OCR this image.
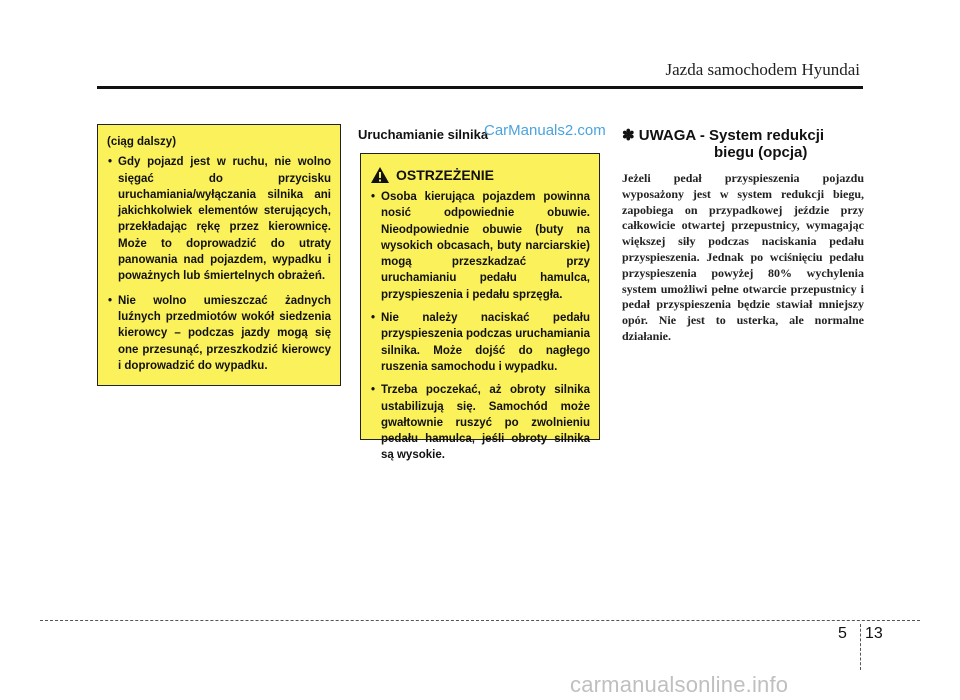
Jazda samochodem Hyundai

(ciąg dalszy)

• Gdy pojazd jest w ruchu, nie wolno sięgać do przycisku uruchamiania/wyłączania silnika ani jakichkolwiek elementów sterujących, przekładając rękę przez kierownicę. Może to doprowadzić do utraty panowania nad pojazdem, wypadku i poważnych lub śmiertelnych obrażeń.
• Nie wolno umieszczać żadnych luźnych przedmiotów wokół siedzenia kierowcy – podczas jazdy mogą się one przesunąć, przeszkodzić kierowcy i doprowadzić do wypadku.
Uruchamianie silnika
CarManuals2.com
OSTRZEŻENIE
• Osoba kierująca pojazdem powinna nosić odpowiednie obuwie. Nieodpowiednie obuwie (buty na wysokich obcasach, buty narciarskie) mogą przeszkadzać przy uruchamianiu pedału hamulca, przyspieszenia i pedału sprzęgła.
• Nie należy naciskać pedału przyspieszenia podczas uruchamiania silnika. Może dojść do nagłego ruszenia samochodu i wypadku.
• Trzeba poczekać, aż obroty silnika ustabilizują się. Samochód może gwałtownie ruszyć po zwolnieniu pedału hamulca, jeśli obroty silnika są wysokie.
✽ UWAGA - System redukcji
biegu (opcja)
Jeżeli pedał przyspieszenia pojazdu wyposażony jest w system redukcji biegu, zapobiega on przypadkowej jeździe przy całkowicie otwartej przepustnicy, wymagając większej siły podczas naciskania pedału przyspieszenia. Jednak po wciśnięciu pedału przyspieszenia powyżej 80% wychylenia system umożliwi pełne otwarcie przepustnicy i pedał przyspieszenia będzie stawiał mniejszy opór. Nie jest to usterka, ale normalne działanie.
5 13
carmanualsonline.info
